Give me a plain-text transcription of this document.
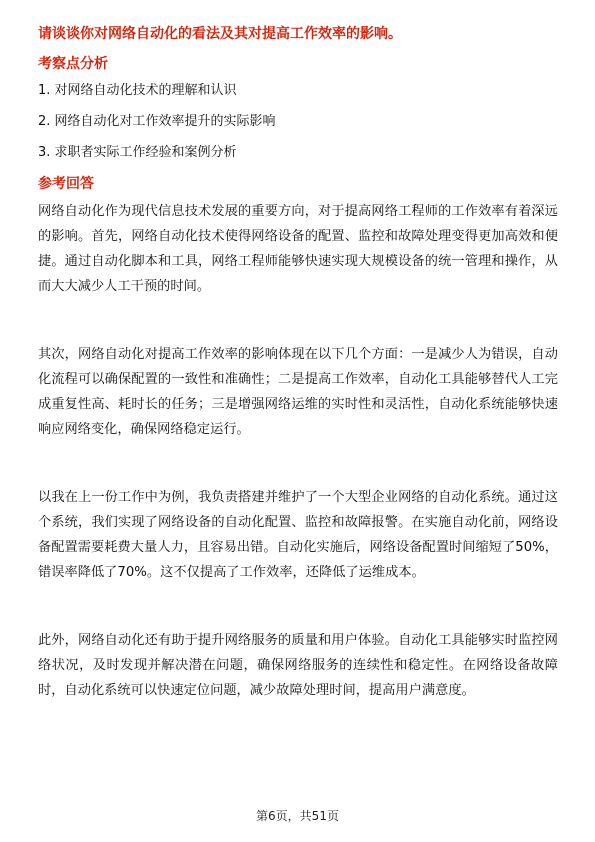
请谈谈你对网络自动化的看法及其对提高工作效率的影响。
考察点分析
1. 对网络自动化技术的理解和认识
2. 网络自动化对工作效率提升的实际影响
3. 求职者实际工作经验和案例分析
参考回答
网络自动化作为现代信息技术发展的重要方向，对于提高网络工程师的工作效率有着深远的影响。首先，网络自动化技术使得网络设备的配置、监控和故障处理变得更加高效和便捷。通过自动化脚本和工具，网络工程师能够快速实现大规模设备的统一管理和操作，从而大大减少人工干预的时间。
其次，网络自动化对提高工作效率的影响体现在以下几个方面：一是减少人为错误，自动化流程可以确保配置的一致性和准确性；二是提高工作效率，自动化工具能够替代人工完成重复性高、耗时长的任务；三是增强网络运维的实时性和灵活性，自动化系统能够快速响应网络变化，确保网络稳定运行。
以我在上一份工作中为例，我负责搭建并维护了一个大型企业网络的自动化系统。通过这个系统，我们实现了网络设备的自动化配置、监控和故障报警。在实施自动化前，网络设备配置需要耗费大量人力，且容易出错。自动化实施后，网络设备配置时间缩短了50%，错误率降低了70%。这不仅提高了工作效率，还降低了运维成本。
此外，网络自动化还有助于提升网络服务的质量和用户体验。自动化工具能够实时监控网络状况，及时发现并解决潜在问题，确保网络服务的连续性和稳定性。在网络设备故障时，自动化系统可以快速定位问题，减少故障处理时间，提高用户满意度。
第6页，共51页
